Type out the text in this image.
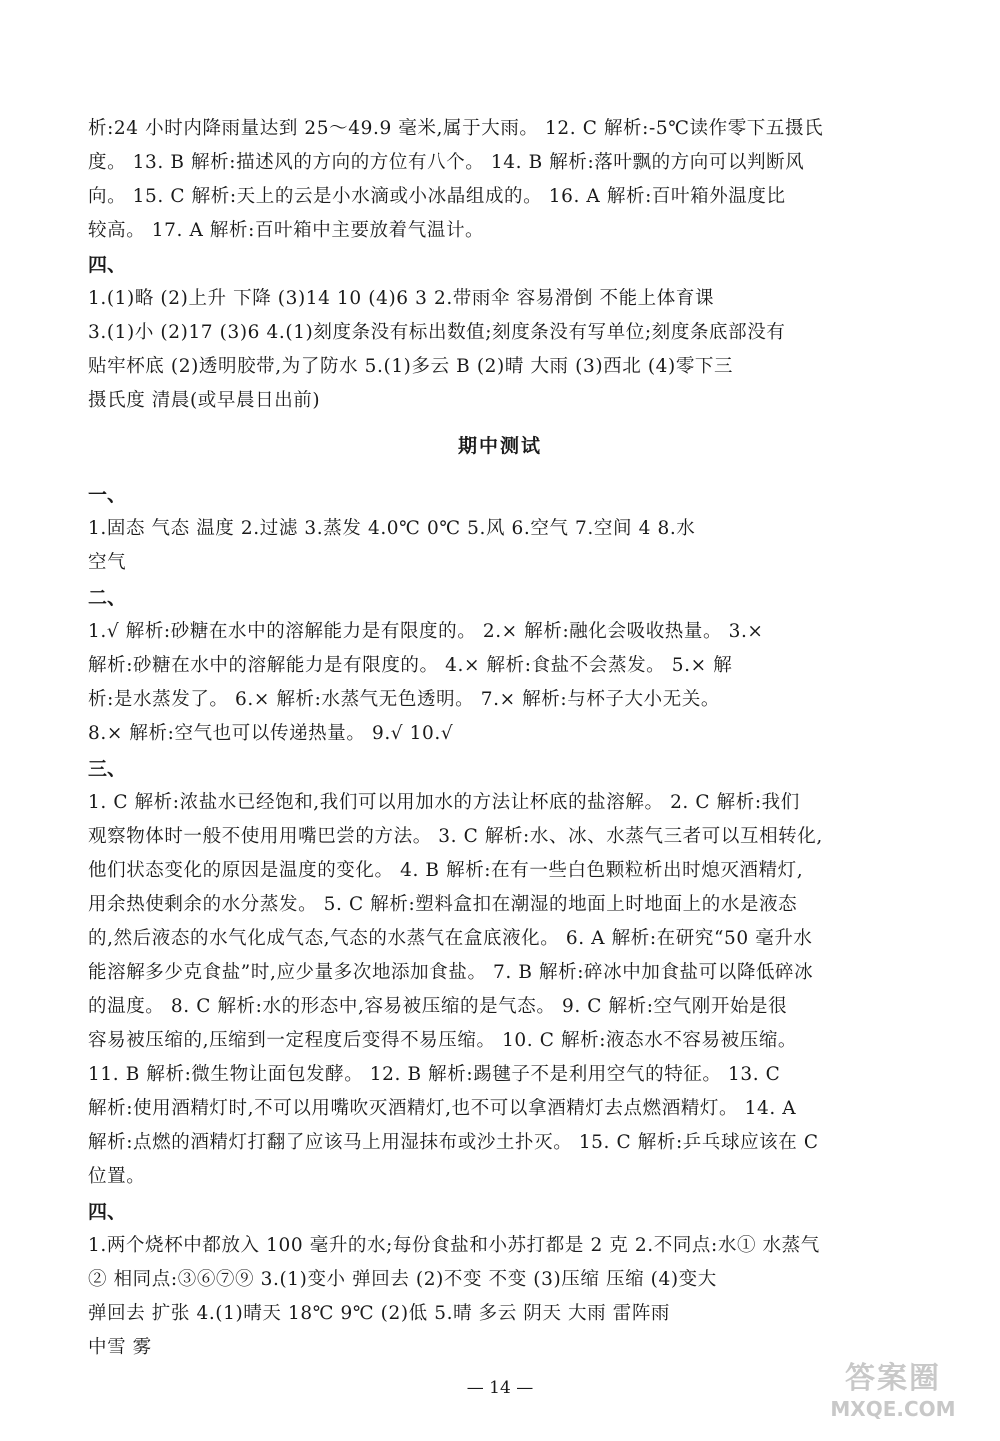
析:24 小时内降雨量达到 25～49.9 毫米,属于大雨。 12. C 解析:-5℃读作零下五摄氏
度。 13. B 解析:描述风的方向的方位有八个。 14. B 解析:落叶飘的方向可以判断风
向。 15. C 解析:天上的云是小水滴或小冰晶组成的。 16. A 解析:百叶箱外温度比
较高。 17. A 解析:百叶箱中主要放着气温计。
四、
1.(1)略 (2)上升 下降 (3)14 10 (4)6 3 2.带雨伞 容易滑倒 不能上体育课
3.(1)小 (2)17 (3)6 4.(1)刻度条没有标出数值;刻度条没有写单位;刻度条底部没有
贴牢杯底 (2)透明胶带,为了防水 5.(1)多云 B (2)晴 大雨 (3)西北 (4)零下三
摄氏度 清晨(或早晨日出前)
期中测试
一、
1.固态 气态 温度 2.过滤 3.蒸发 4.0℃ 0℃ 5.风 6.空气 7.空间 4 8.水
空气
二、
1.√ 解析:砂糖在水中的溶解能力是有限度的。 2.× 解析:融化会吸收热量。 3.×
解析:砂糖在水中的溶解能力是有限度的。 4.× 解析:食盐不会蒸发。 5.× 解
析:是水蒸发了。 6.× 解析:水蒸气无色透明。 7.× 解析:与杯子大小无关。
8.× 解析:空气也可以传递热量。 9.√ 10.√
三、
1. C 解析:浓盐水已经饱和,我们可以用加水的方法让杯底的盐溶解。 2. C 解析:我们
观察物体时一般不使用用嘴巴尝的方法。 3. C 解析:水、冰、水蒸气三者可以互相转化,
他们状态变化的原因是温度的变化。 4. B 解析:在有一些白色颗粒析出时熄灭酒精灯,
用余热使剩余的水分蒸发。 5. C 解析:塑料盒扣在潮湿的地面上时地面上的水是液态
的,然后液态的水气化成气态,气态的水蒸气在盒底液化。 6. A 解析:在研究“50 毫升水
能溶解多少克食盐”时,应少量多次地添加食盐。 7. B 解析:碎冰中加食盐可以降低碎冰
的温度。 8. C 解析:水的形态中,容易被压缩的是气态。 9. C 解析:空气刚开始是很
容易被压缩的,压缩到一定程度后变得不易压缩。 10. C 解析:液态水不容易被压缩。
11. B 解析:微生物让面包发酵。 12. B 解析:踢毽子不是利用空气的特征。 13. C
解析:使用酒精灯时,不可以用嘴吹灭酒精灯,也不可以拿酒精灯去点燃酒精灯。 14. A
解析:点燃的酒精灯打翻了应该马上用湿抹布或沙土扑灭。 15. C 解析:乒乓球应该在 C
位置。
四、
1.两个烧杯中都放入 100 毫升的水;每份食盐和小苏打都是 2 克 2.不同点:水① 水蒸气
② 相同点:③⑥⑦⑨ 3.(1)变小 弹回去 (2)不变 不变 (3)压缩 压缩 (4)变大
弹回去 扩张 4.(1)晴天 18℃ 9℃ (2)低 5.晴 多云 阴天 大雨 雷阵雨
中雪 雾
— 14 —	答案圈
MXQE.COM
